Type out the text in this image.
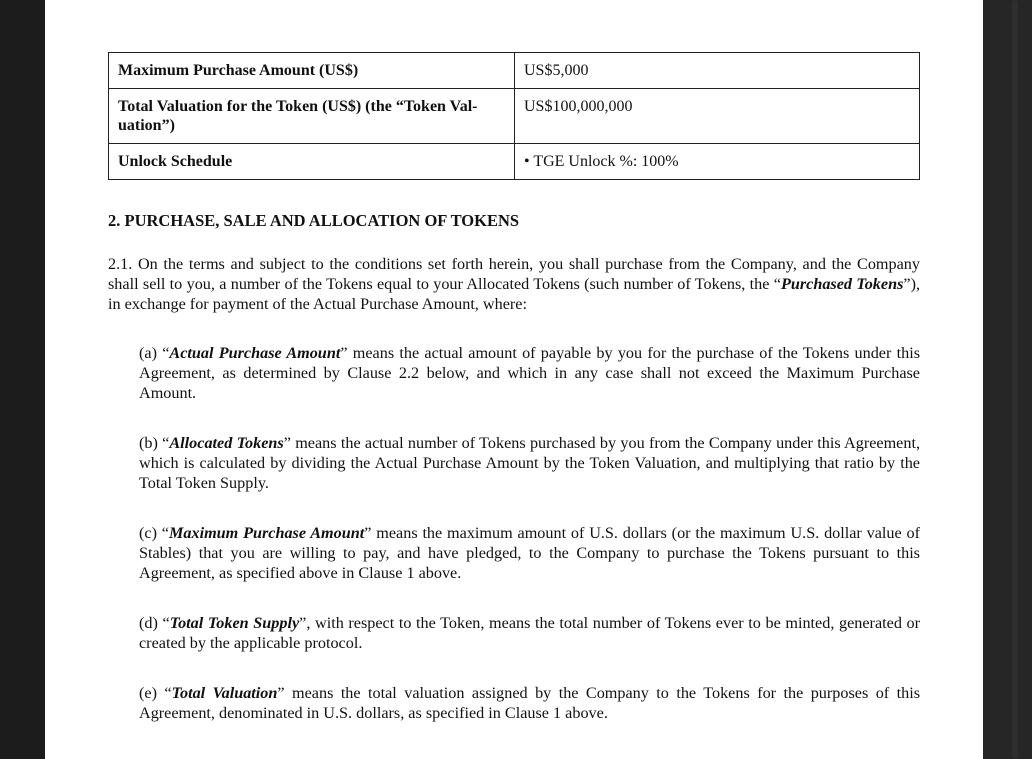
Maximum Purchase Amount (US$)	US$5,000
Total Valuation for the Token (US$) (the “Token Val-uation”)	US$100,000,000
Unlock Schedule	• TGE Unlock %: 100%
2. PURCHASE, SALE AND ALLOCATION OF TOKENS

2.1. On the terms and subject to the conditions set forth herein, you shall purchase from the Company, and the Company shall sell to you, a number of the Tokens equal to your Allocated Tokens (such number of Tokens, the “Purchased Tokens”), in exchange for payment of the Actual Purchase Amount, where:

(a) “Actual Purchase Amount” means the actual amount of payable by you for the purchase of the Tokens under this Agreement, as determined by Clause 2.2 below, and which in any case shall not exceed the Maximum Purchase Amount.

(b) “Allocated Tokens” means the actual number of Tokens purchased by you from the Company under this Agreement, which is calculated by dividing the Actual Purchase Amount by the Token Valuation, and multiplying that ratio by the Total Token Supply.

(c) “Maximum Purchase Amount” means the maximum amount of U.S. dollars (or the maximum U.S. dollar value of Stables) that you are willing to pay, and have pledged, to the Company to purchase the Tokens pursuant to this Agreement, as specified above in Clause 1 above.

(d) “Total Token Supply”, with respect to the Token, means the total number of Tokens ever to be minted, generated or created by the applicable protocol.

(e) “Total Valuation” means the total valuation assigned by the Company to the Tokens for the purposes of this Agreement, denominated in U.S. dollars, as specified in Clause 1 above.
